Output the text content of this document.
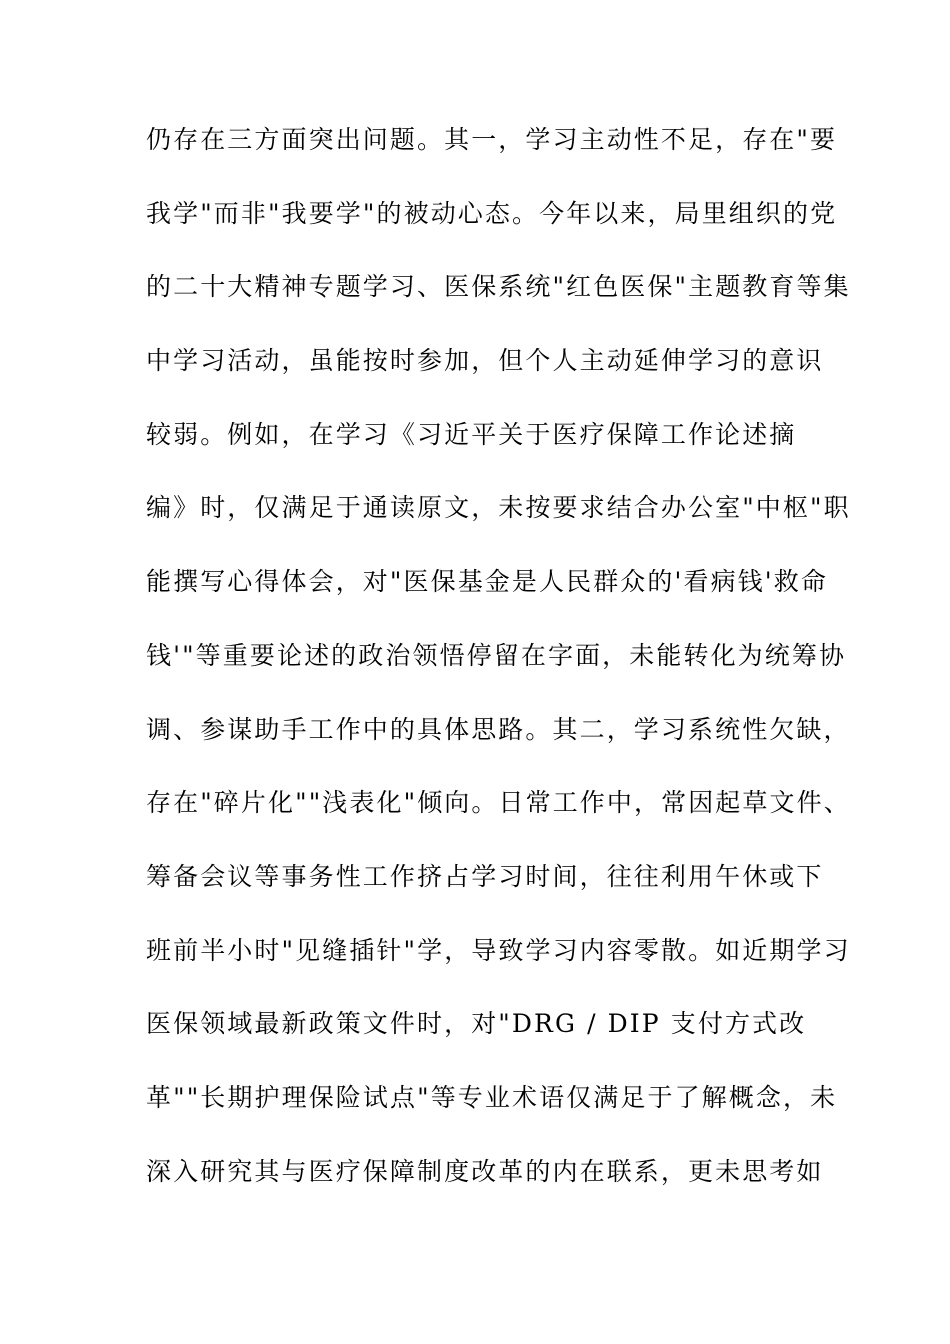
仍存在三方面突出问题。其一，学习主动性不足，存在"要
我学"而非"我要学"的被动心态。今年以来，局里组织的党
的二十大精神专题学习、医保系统"红色医保"主题教育等集
中学习活动，虽能按时参加，但个人主动延伸学习的意识
较弱。例如，在学习《习近平关于医疗保障工作论述摘
编》时，仅满足于通读原文，未按要求结合办公室"中枢"职
能撰写心得体会，对"医保基金是人民群众的'看病钱'救命
钱'"等重要论述的政治领悟停留在字面，未能转化为统筹协
调、参谋助手工作中的具体思路。其二，学习系统性欠缺，
存在"碎片化""浅表化"倾向。日常工作中，常因起草文件、
筹备会议等事务性工作挤占学习时间，往往利用午休或下
班前半小时"见缝插针"学，导致学习内容零散。如近期学习
医保领域最新政策文件时，对"DRG / DIP 支付方式改
革""长期护理保险试点"等专业术语仅满足于了解概念，未
深入研究其与医疗保障制度改革的内在联系，更未思考如
